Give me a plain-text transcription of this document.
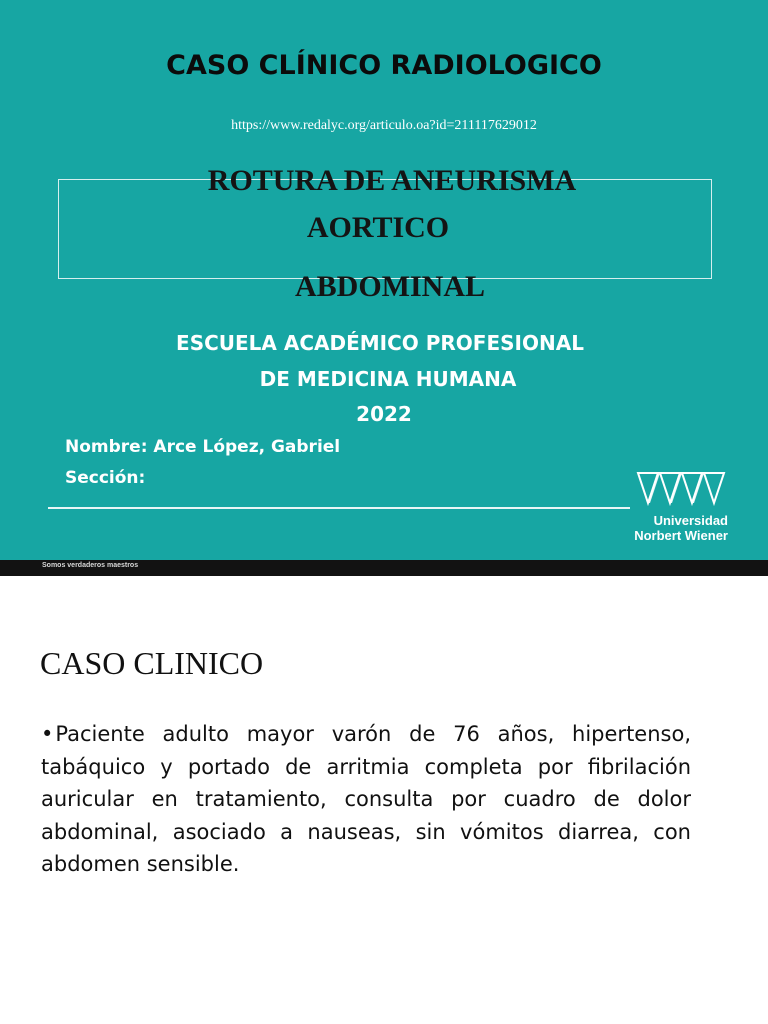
CASO CLÍNICO RADIOLOGICO
https://www.redalyc.org/articulo.oa?id=211117629012
ROTURA DE ANEURISMA
AORTICO
ABDOMINAL
ESCUELA ACADÉMICO PROFESIONAL
DE MEDICINA HUMANA
2022
Nombre: Arce López, Gabriel
Sección:
Universidad
Norbert Wiener
Somos verdaderos maestros
CASO CLINICO
•Paciente adulto mayor varón de 76 años, hipertenso, tabáquico y portado de arritmia completa por fibrilación auricular en tratamiento, consulta por cuadro de dolor abdominal, asociado a nauseas, sin vómitos diarrea, con abdomen sensible.
